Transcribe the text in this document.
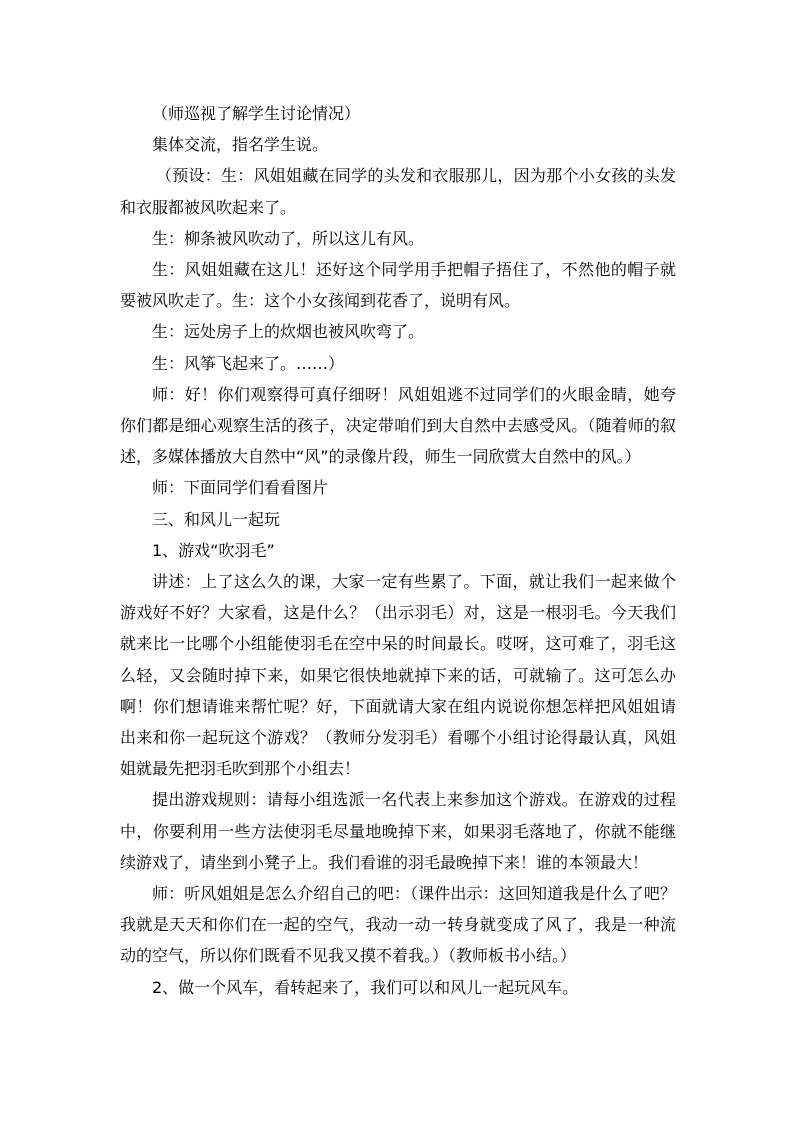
（师巡视了解学生讨论情况）

集体交流，指名学生说。

（预设：生：风姐姐藏在同学的头发和衣服那儿，因为那个小女孩的头发和衣服都被风吹起来了。

生：柳条被风吹动了，所以这儿有风。

生：风姐姐藏在这儿！还好这个同学用手把帽子捂住了，不然他的帽子就要被风吹走了。生：这个小女孩闻到花香了，说明有风。

生：远处房子上的炊烟也被风吹弯了。

生：风筝飞起来了。……）

师：好！你们观察得可真仔细呀！风姐姐逃不过同学们的火眼金睛，她夸你们都是细心观察生活的孩子，决定带咱们到大自然中去感受风。（随着师的叙述，多媒体播放大自然中“风”的录像片段，师生一同欣赏大自然中的风。）

师：下面同学们看看图片

三、和风儿一起玩

1、游戏“吹羽毛”

讲述：上了这么久的课，大家一定有些累了。下面，就让我们一起来做个游戏好不好？大家看，这是什么？（出示羽毛）对，这是一根羽毛。今天我们就来比一比哪个小组能使羽毛在空中呆的时间最长。哎呀，这可难了，羽毛这么轻，又会随时掉下来，如果它很快地就掉下来的话，可就输了。这可怎么办啊！你们想请谁来帮忙呢？好，下面就请大家在组内说说你想怎样把风姐姐请出来和你一起玩这个游戏？（教师分发羽毛）看哪个小组讨论得最认真，风姐姐就最先把羽毛吹到那个小组去！

提出游戏规则：请每小组选派一名代表上来参加这个游戏。在游戏的过程中，你要利用一些方法使羽毛尽量地晚掉下来，如果羽毛落地了，你就不能继续游戏了，请坐到小凳子上。我们看谁的羽毛最晚掉下来！谁的本领最大！

师：听风姐姐是怎么介绍自己的吧：（课件出示：这回知道我是什么了吧？我就是天天和你们在一起的空气，我动一动一转身就变成了风了，我是一种流动的空气，所以你们既看不见我又摸不着我。）（教师板书小结。）

2、做一个风车，看转起来了，我们可以和风儿一起玩风车。
